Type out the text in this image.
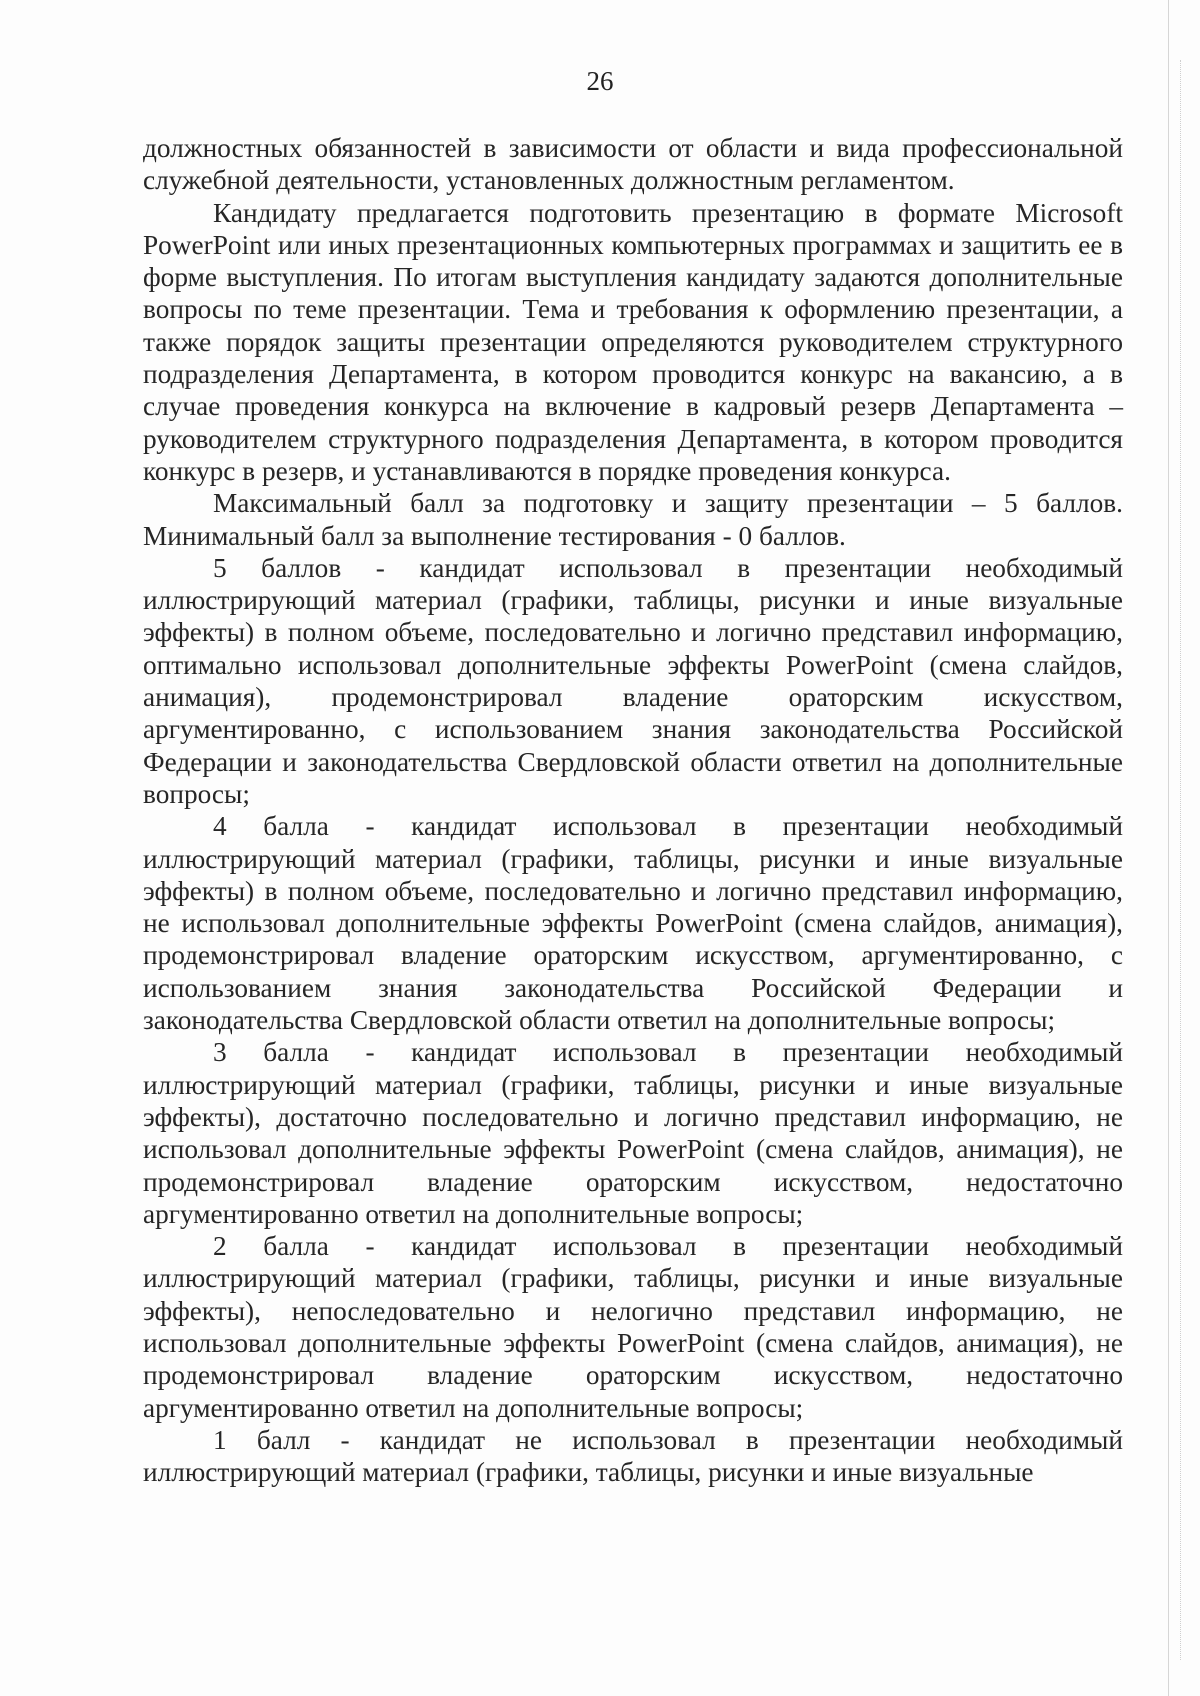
26

должностных обязанностей в зависимости от области и вида профессиональной служебной деятельности, установленных должностным регламентом.

Кандидату предлагается подготовить презентацию в формате Microsoft PowerPoint или иных презентационных компьютерных программах и защитить ее в форме выступления. По итогам выступления кандидату задаются дополнительные вопросы по теме презентации. Тема и требования к оформлению презентации, а также порядок защиты презентации определяются руководителем структурного подразделения Департамента, в котором проводится конкурс на вакансию, а в случае проведения конкурса на включение в кадровый резерв Департамента – руководителем структурного подразделения Департамента, в котором проводится конкурс в резерв, и устанавливаются в порядке проведения конкурса.

Максимальный балл за подготовку и защиту презентации – 5 баллов. Минимальный балл за выполнение тестирования - 0 баллов.

5 баллов - кандидат использовал в презентации необходимый иллюстрирующий материал (графики, таблицы, рисунки и иные визуальные эффекты) в полном объеме, последовательно и логично представил информацию, оптимально использовал дополнительные эффекты PowerPoint (смена слайдов, анимация), продемонстрировал владение ораторским искусством, аргументированно, с использованием знания законодательства Российской Федерации и законодательства Свердловской области ответил на дополнительные вопросы;

4 балла - кандидат использовал в презентации необходимый иллюстрирующий материал (графики, таблицы, рисунки и иные визуальные эффекты) в полном объеме, последовательно и логично представил информацию, не использовал дополнительные эффекты PowerPoint (смена слайдов, анимация), продемонстрировал владение ораторским искусством, аргументированно, с использованием знания законодательства Российской Федерации и законодательства Свердловской области ответил на дополнительные вопросы;

3 балла - кандидат использовал в презентации необходимый иллюстрирующий материал (графики, таблицы, рисунки и иные визуальные эффекты), достаточно последовательно и логично представил информацию, не использовал дополнительные эффекты PowerPoint (смена слайдов, анимация), не продемонстрировал владение ораторским искусством, недостаточно аргументированно ответил на дополнительные вопросы;

2 балла - кандидат использовал в презентации необходимый иллюстрирующий материал (графики, таблицы, рисунки и иные визуальные эффекты), непоследовательно и нелогично представил информацию, не использовал дополнительные эффекты PowerPoint (смена слайдов, анимация), не продемонстрировал владение ораторским искусством, недостаточно аргументированно ответил на дополнительные вопросы;

1 балл - кандидат не использовал в презентации необходимый иллюстрирующий материал (графики, таблицы, рисунки и иные визуальные
